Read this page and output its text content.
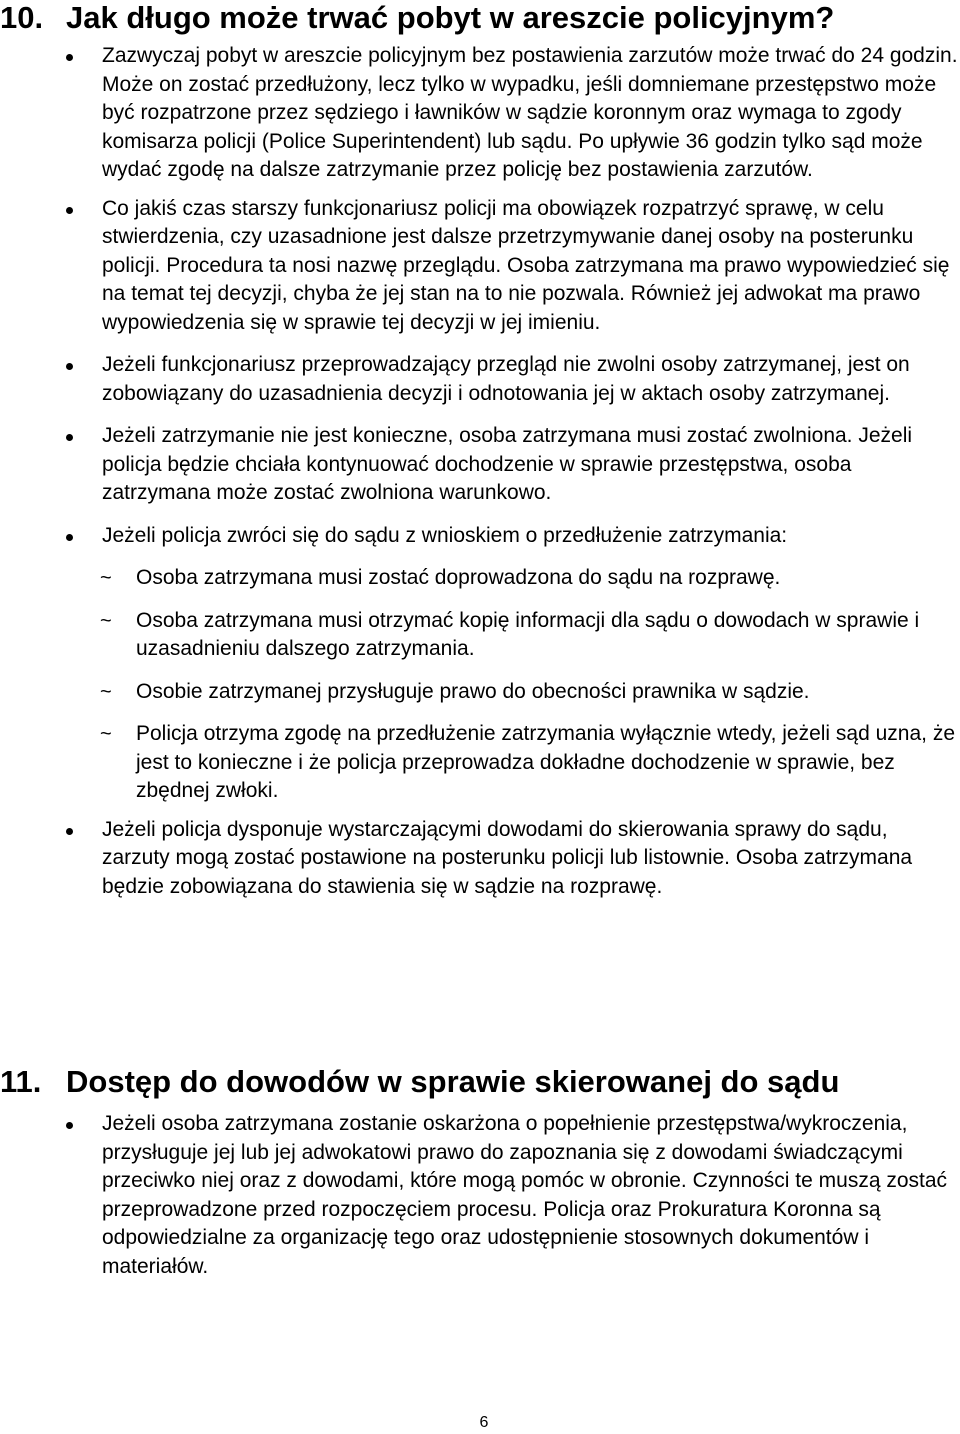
10. Jak długo może trwać pobyt w areszcie policyjnym?
Zazwyczaj pobyt w areszcie policyjnym bez postawienia zarzutów może trwać do 24 godzin. Może on zostać przedłużony, lecz tylko w wypadku, jeśli domniemane przestępstwo może być rozpatrzone przez sędziego i ławników w sądzie koronnym oraz wymaga to zgody komisarza policji (Police Superintendent) lub sądu. Po upływie 36 godzin tylko sąd może wydać zgodę na dalsze zatrzymanie przez policję bez postawienia zarzutów.
Co jakiś czas starszy funkcjonariusz policji ma obowiązek rozpatrzyć sprawę, w celu stwierdzenia, czy uzasadnione jest dalsze przetrzymywanie danej osoby na posterunku policji. Procedura ta nosi nazwę przeglądu. Osoba zatrzymana ma prawo wypowiedzieć się na temat tej decyzji, chyba że jej stan na to nie pozwala. Również jej adwokat ma prawo wypowiedzenia się w sprawie tej decyzji w jej imieniu.
Jeżeli funkcjonariusz przeprowadzający przegląd nie zwolni osoby zatrzymanej, jest on zobowiązany do uzasadnienia decyzji i odnotowania jej w aktach osoby zatrzymanej.
Jeżeli zatrzymanie nie jest konieczne, osoba zatrzymana musi zostać zwolniona. Jeżeli policja będzie chciała kontynuować dochodzenie w sprawie przestępstwa, osoba zatrzymana może zostać zwolniona warunkowo.
Jeżeli policja zwróci się do sądu z wnioskiem o przedłużenie zatrzymania:
~ Osoba zatrzymana musi zostać doprowadzona do sądu na rozprawę.
~ Osoba zatrzymana musi otrzymać kopię informacji dla sądu o dowodach w sprawie i uzasadnieniu dalszego zatrzymania.
~ Osobie zatrzymanej przysługuje prawo do obecności prawnika w sądzie.
~ Policja otrzyma zgodę na przedłużenie zatrzymania wyłącznie wtedy, jeżeli sąd uzna, że jest to konieczne i że policja przeprowadza dokładne dochodzenie w sprawie, bez zbędnej zwłoki.
Jeżeli policja dysponuje wystarczającymi dowodami do skierowania sprawy do sądu, zarzuty mogą zostać postawione na posterunku policji lub listownie. Osoba zatrzymana będzie zobowiązana do stawienia się w sądzie na rozprawę.
11. Dostęp do dowodów w sprawie skierowanej do sądu
Jeżeli osoba zatrzymana zostanie oskarżona o popełnienie przestępstwa/wykroczenia, przysługuje jej lub jej adwokatowi prawo do zapoznania się z dowodami świadczącymi przeciwko niej oraz z dowodami, które mogą pomóc w obronie. Czynności te muszą zostać przeprowadzone przed rozpoczęciem procesu. Policja oraz Prokuratura Koronna są odpowiedzialne za organizację tego oraz udostępnienie stosownych dokumentów i materiałów.
6
